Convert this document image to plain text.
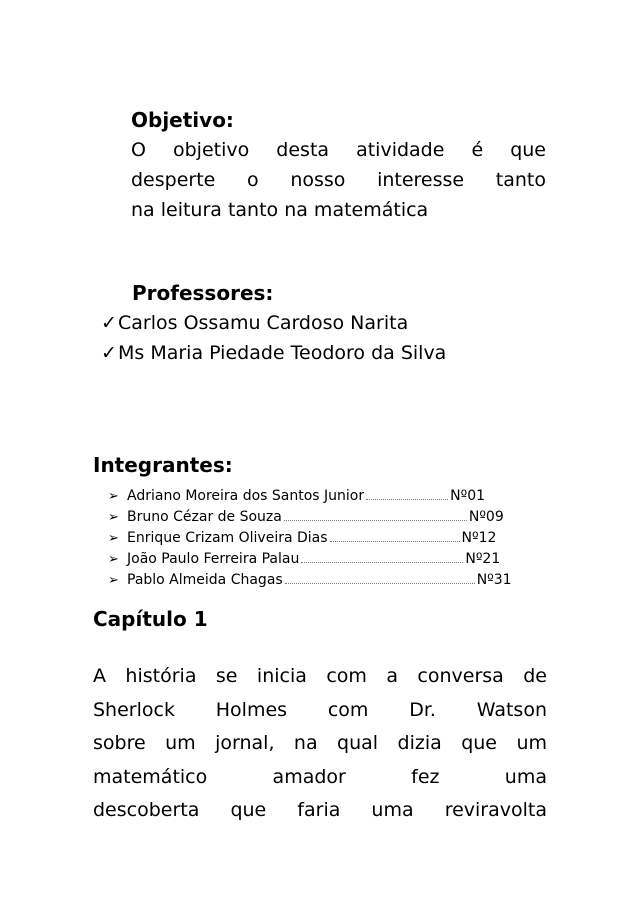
Objetivo:

O objetivo desta atividade é que
desperte o nosso interesse tanto
na leitura tanto na matemática

Professores:
✓Carlos Ossamu Cardoso Narita
✓Ms Maria Piedade Teodoro da Silva
Integrantes:
➢ Adriano Moreira dos Santos Junior	Nº01
➢ Bruno Cézar de Souza	Nº09
➢ Enrique Crizam Oliveira Dias	Nº12
➢ João Paulo Ferreira Palau	Nº21
➢ Pablo Almeida Chagas	Nº31
Capítulo 1

A história se inicia com a conversa de
Sherlock Holmes com Dr. Watson
sobre um jornal, na qual dizia que um
matemático amador fez uma
descoberta que faria uma reviravolta
